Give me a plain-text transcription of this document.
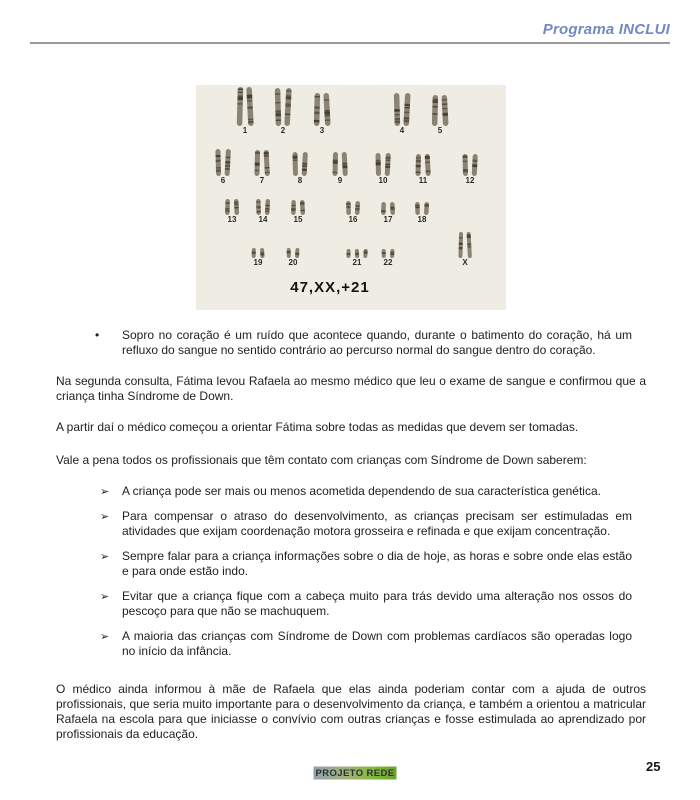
Programa INCLUI
1	2	3	4	5
6	7	8	9	10	11	12
13	14	15	16	17	18
19	20	21	22	X
47,XX,+21
•	Sopro no coração é um ruído que acontece quando, durante o batimento do coração, há um refluxo do sangue no sentido contrário ao percurso normal do sangue dentro do coração.
Na segunda consulta, Fátima levou Rafaela ao mesmo médico que leu o exame de sangue e confirmou que a criança tinha Síndrome de Down.
A partir daí o médico começou a orientar Fátima sobre todas as medidas que devem ser tomadas.
Vale a pena todos os profissionais que têm contato com crianças com Síndrome de Down saberem:
➢	A criança pode ser mais ou menos acometida dependendo de sua característica genética.
➢	Para compensar o atraso do desenvolvimento, as crianças precisam ser estimuladas em atividades que exijam coordenação motora grosseira e refinada e que exijam concentração.
➢	Sempre falar para a criança informações sobre o dia de hoje, as horas e sobre onde elas estão e para onde estão indo.
➢	Evitar que a criança fique com a cabeça muito para trás devido uma alteração nos ossos do pescoço para que não se machuquem.
➢	A maioria das crianças com Síndrome de Down com problemas cardíacos são operadas logo no início da infância.
O médico ainda informou à mãe de Rafaela que elas ainda poderiam contar com a ajuda de outros profissionais, que seria muito importante para o desenvolvimento da criança, e também a orientou a matricular Rafaela na escola para que iniciasse o convívio com outras crianças e fosse estimulada ao aprendizado por profissionais da educação.
PROJETO REDE	25
